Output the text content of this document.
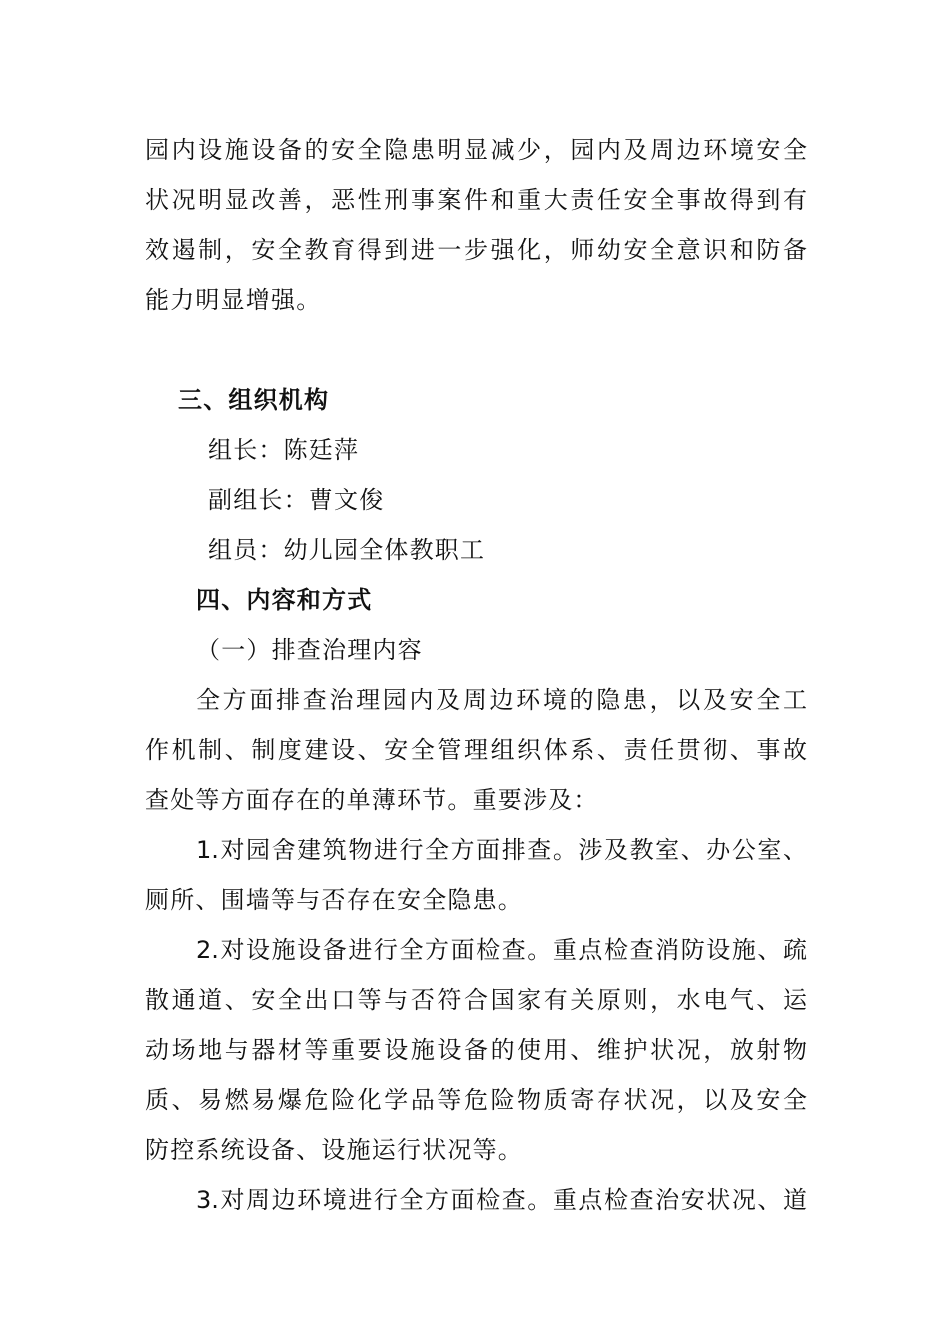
园内设施设备的安全隐患明显减少，园内及周边环境安全
状况明显改善，恶性刑事案件和重大责任安全事故得到有
效遏制，安全教育得到进一步强化，师幼安全意识和防备
能力明显增强。
三、组织机构
组长：陈廷萍
副组长：曹文俊
组员：幼儿园全体教职工
四、内容和方式
（一）排查治理内容
全方面排查治理园内及周边环境的隐患，以及安全工
作机制、制度建设、安全管理组织体系、责任贯彻、事故
查处等方面存在的单薄环节。重要涉及：
1.对园舍建筑物进行全方面排查。涉及教室、办公室、
厕所、围墙等与否存在安全隐患。
2.对设施设备进行全方面检查。重点检查消防设施、疏
散通道、安全出口等与否符合国家有关原则，水电气、运
动场地与器材等重要设施设备的使用、维护状况，放射物
质、易燃易爆危险化学品等危险物质寄存状况，以及安全
防控系统设备、设施运行状况等。
3.对周边环境进行全方面检查。重点检查治安状况、道
